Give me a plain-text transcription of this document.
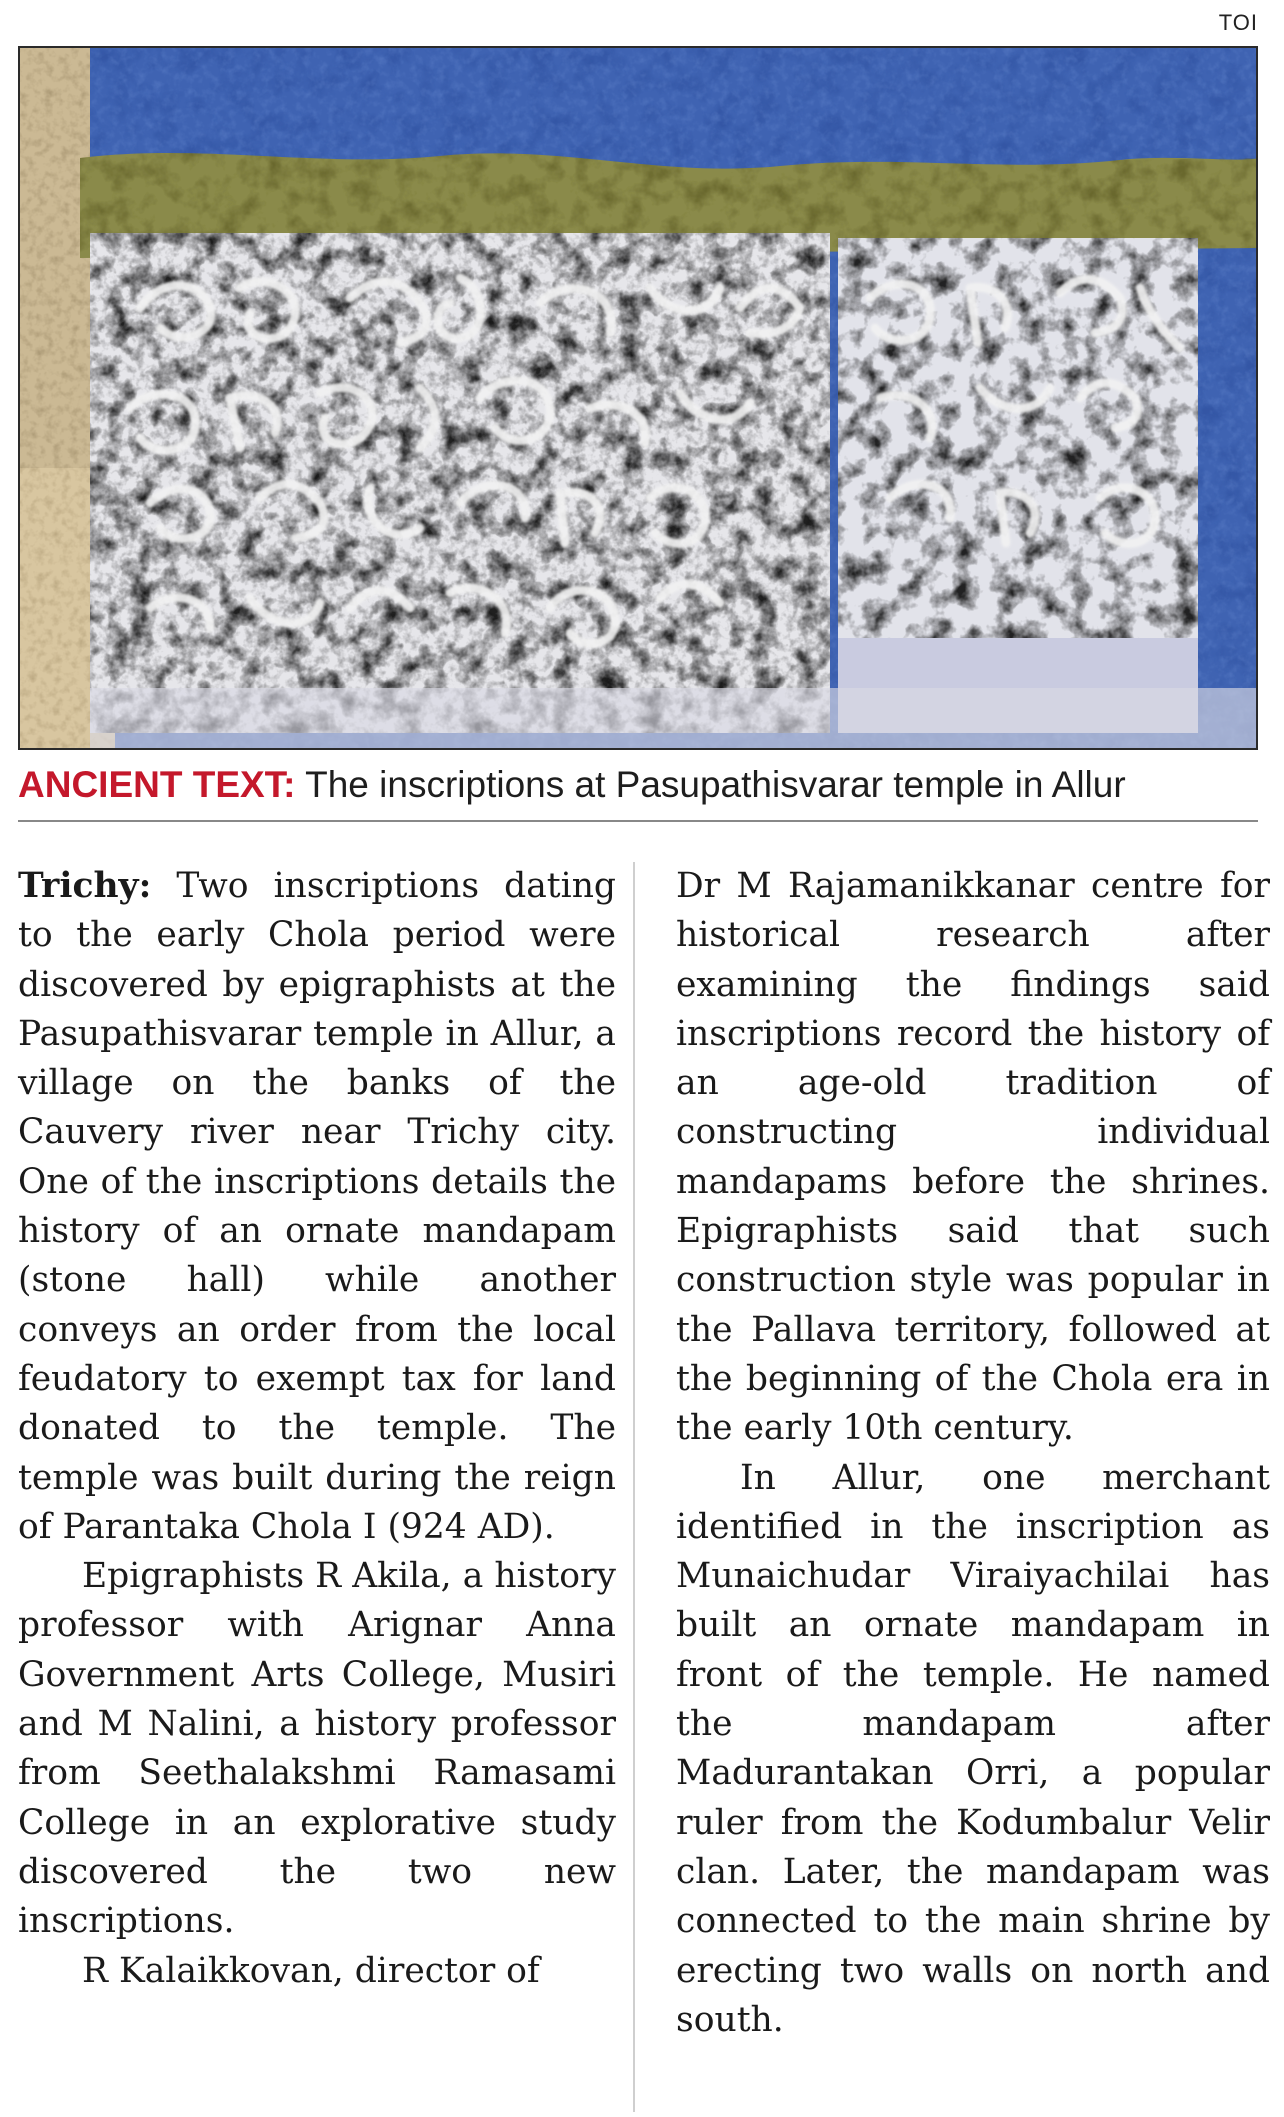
TOI
ANCIENT TEXT: The inscriptions at Pasupathisvarar temple in Allur

Trichy: Two inscriptions dating to the early Chola period were discovered by epigraphists at the Pasupathisvarar temple in Allur, a village on the banks of the Cauvery river near Trichy city. One of the inscriptions details the history of an ornate mandapam (stone hall) while another conveys an order from the local feudatory to exempt tax for land donated to the temple. The temple was built during the reign of Parantaka Chola I (924 AD).

Epigraphists R Akila, a history professor with Arignar Anna Government Arts College, Musiri and M Nalini, a history professor from Seethalakshmi Ramasami College in an explorative study discovered the two new inscriptions.

R Kalaikkovan, director of

Dr M Rajamanikkanar centre for historical research after examining the findings said inscriptions record the history of an age-old tradition of constructing individual mandapams before the shrines. Epigraphists said that such construction style was popular in the Pallava territory, followed at the beginning of the Chola era in the early 10th century.

In Allur, one merchant identified in the inscription as Munaichudar Viraiyachilai has built an ornate mandapam in front of the temple. He named the mandapam after Madurantakan Orri, a popular ruler from the Kodumbalur Velir clan. Later, the mandapam was connected to the main shrine by erecting two walls on north and south.
